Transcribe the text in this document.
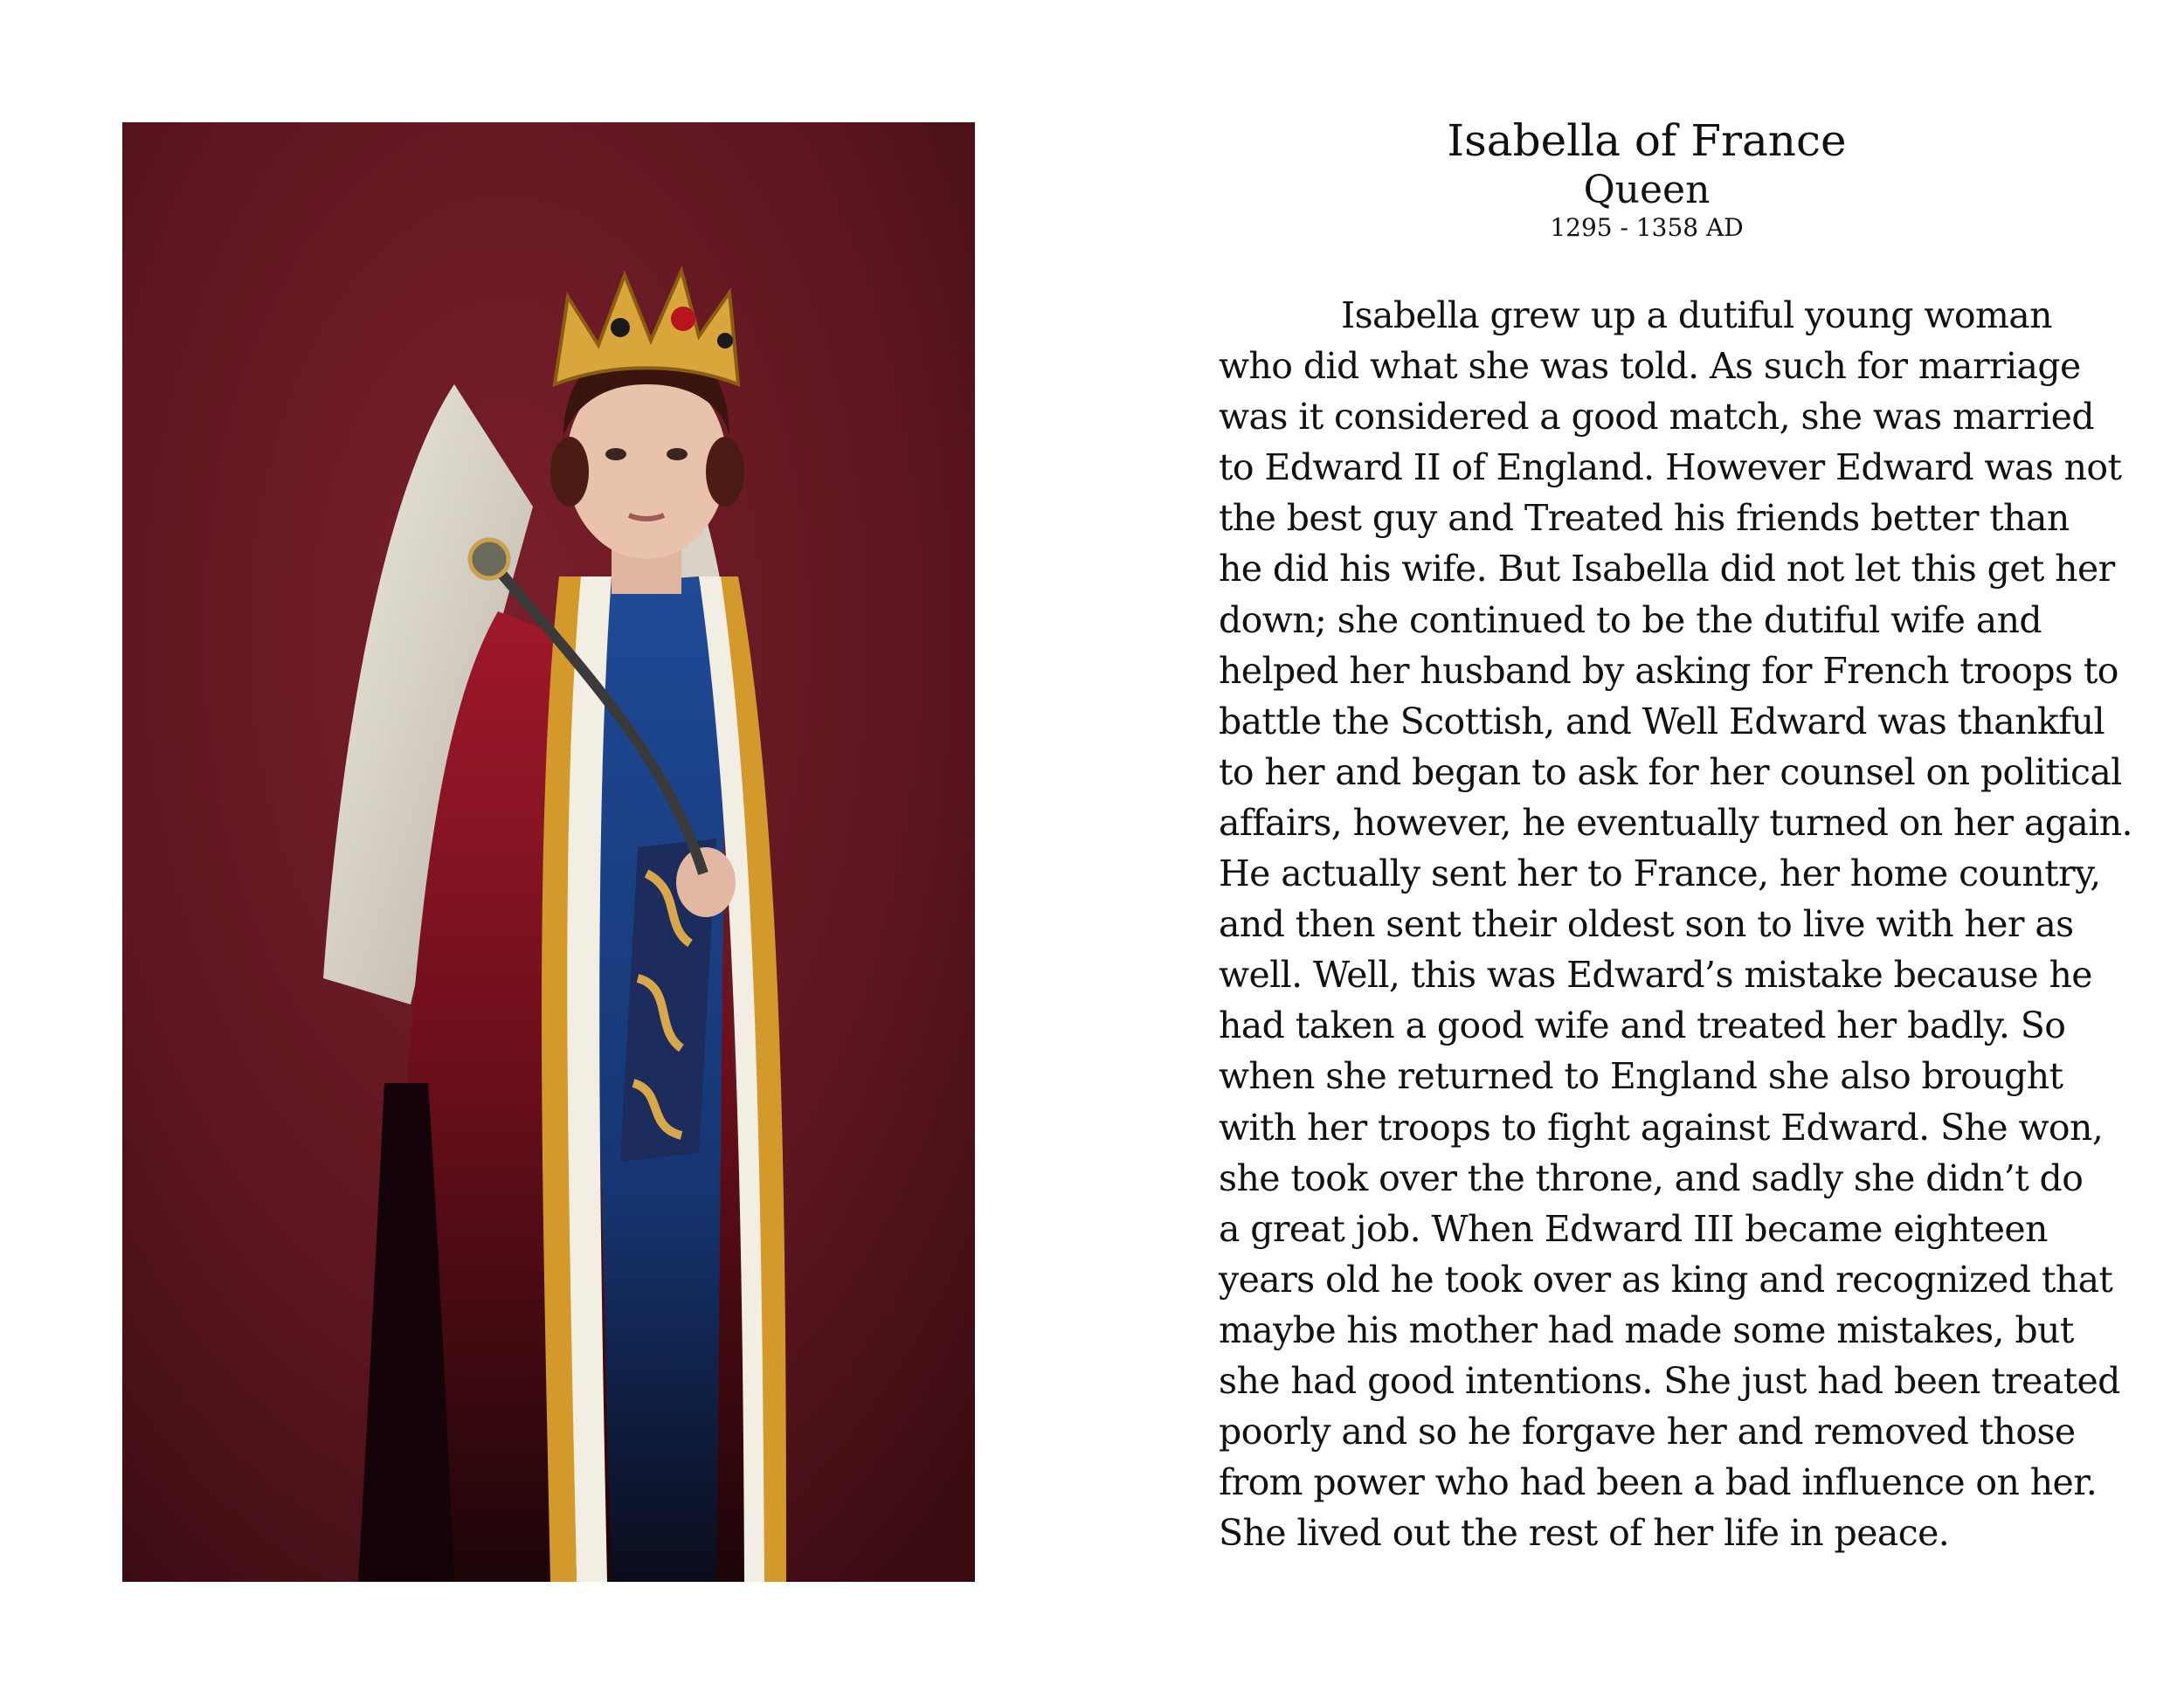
Isabella of France
Queen
1295 - 1358 AD
Isabella grew up a dutiful young woman
who did what she was told. As such for marriage
was it considered a good match, she was married
to Edward II of England. However Edward was not
the best guy and Treated his friends better than
he did his wife. But Isabella did not let this get her
down; she continued to be the dutiful wife and
helped her husband by asking for French troops to
battle the Scottish, and Well Edward was thankful
to her and began to ask for her counsel on political
affairs, however, he eventually turned on her again.
He actually sent her to France, her home country,
and then sent their oldest son to live with her as
well. Well, this was Edward’s mistake because he
had taken a good wife and treated her badly. So
when she returned to England she also brought
with her troops to fight against Edward. She won,
she took over the throne, and sadly she didn’t do
a great job. When Edward III became eighteen
years old he took over as king and recognized that
maybe his mother had made some mistakes, but
she had good intentions. She just had been treated
poorly and so he forgave her and removed those
from power who had been a bad influence on her.
She lived out the rest of her life in peace.
